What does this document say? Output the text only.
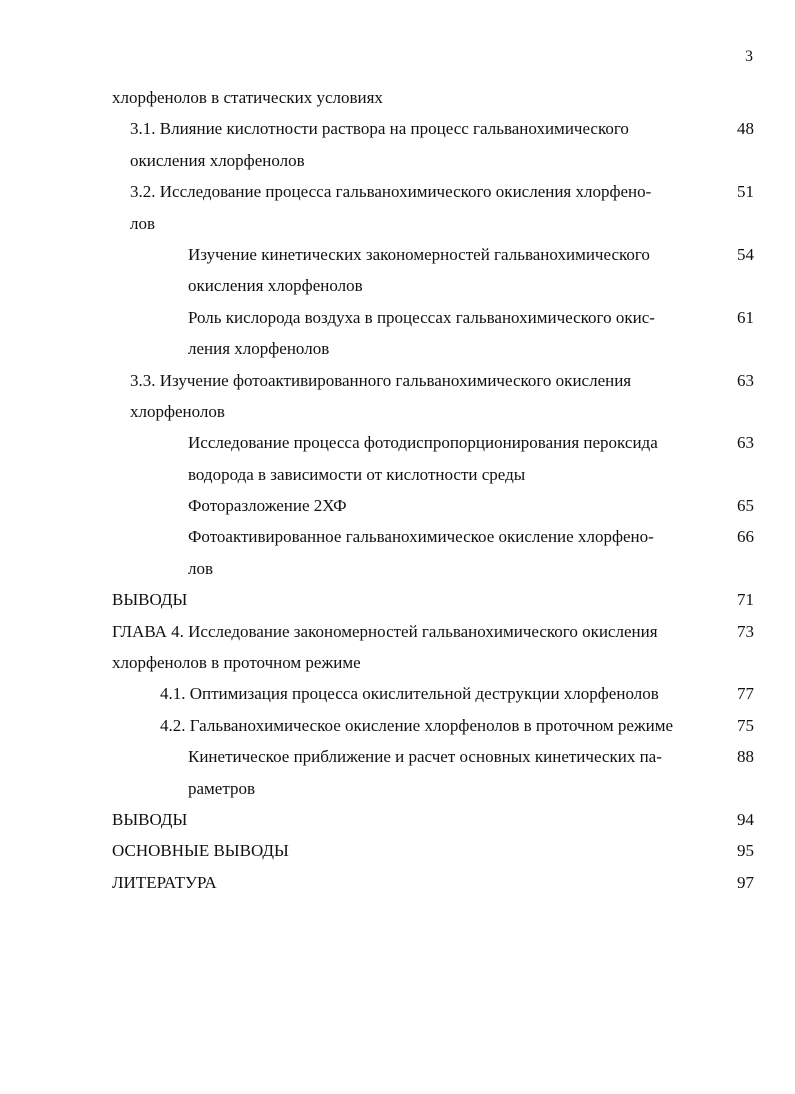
3
хлорфенолов в статических условиях
3.1. Влияние кислотности раствора на процесс гальванохимического	48
окисления хлорфенолов
3.2. Исследование процесса гальванохимического окисления хлорфено-	51
лов
Изучение кинетических закономерностей гальванохимического	54
окисления хлорфенолов
Роль кислорода воздуха в процессах гальванохимического окис-	61
ления хлорфенолов
3.3. Изучение фотоактивированного гальванохимического окисления	63
хлорфенолов
Исследование процесса фотодиспропорционирования пероксида	63
водорода в зависимости от кислотности среды
Фоторазложение 2ХФ	65
Фотоактивированное гальванохимическое окисление хлорфено-	66
лов
ВЫВОДЫ	71
ГЛАВА 4. Исследование закономерностей гальванохимического окисления	73
хлорфенолов в проточном режиме
4.1. Оптимизация процесса окислительной деструкции хлорфенолов	77
4.2. Гальванохимическое окисление хлорфенолов в проточном режиме	75
Кинетическое приближение и расчет основных кинетических па-	88
раметров
ВЫВОДЫ	94
ОСНОВНЫЕ ВЫВОДЫ	95
ЛИТЕРАТУРА	97
